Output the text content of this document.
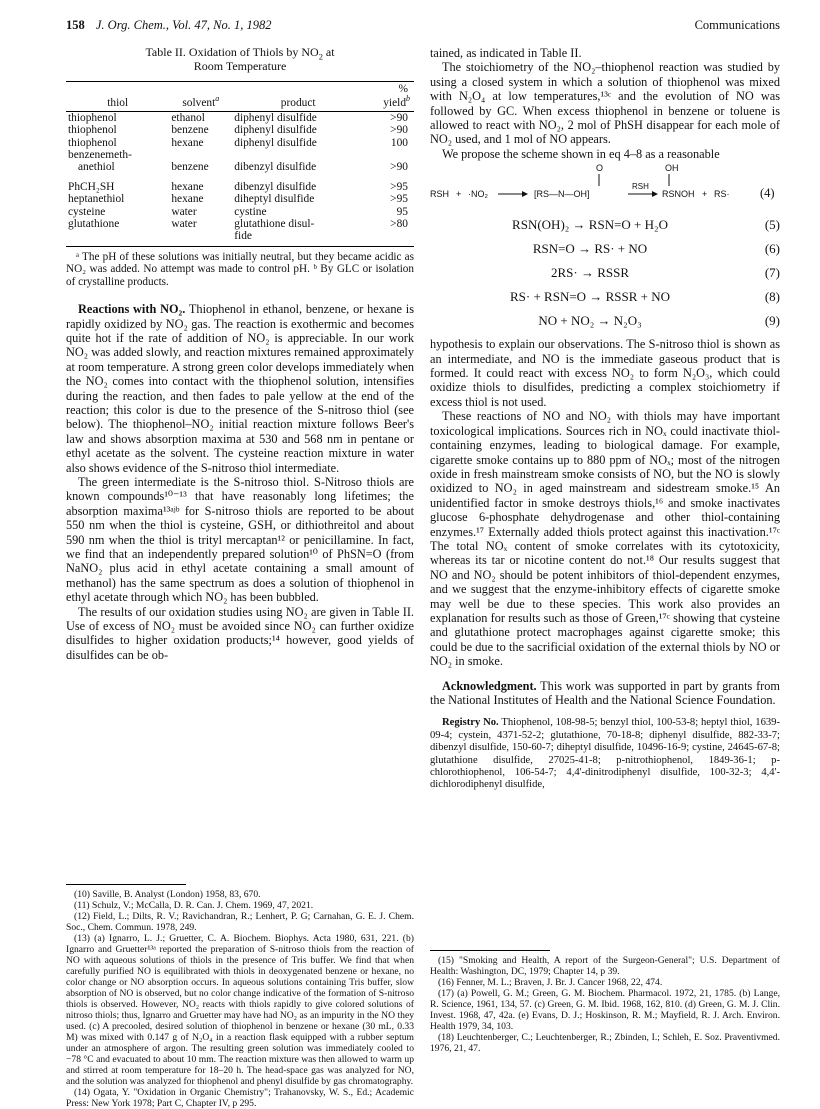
158 J. Org. Chem., Vol. 47, No. 1, 1982	Communications
Table II. Oxidation of Thiols by $NO_2$ at
Room Temperature
			%
thiol	solvent$^a$	product	yield$^b$
thiophenol	ethanol	diphenyl disulfide	>90
thiophenol	benzene	diphenyl disulfide	>90
thiophenol	hexane	diphenyl disulfide	100
benzenemeth-			
anethiol	benzene	dibenzyl disulfide	>90
PhCH₂SH	hexane	dibenzyl disulfide	>95
heptanethiol	hexane	diheptyl disulfide	>95
cysteine	water	cystine	95
glutathione	water	glutathione disul-	>80
		fide	

ᵃ The pH of these solutions was initially neutral, but they became acidic as NO₂ was added. No attempt was made to control pH. ᵇ By GLC or isolation of crystalline products.

Reactions with NO₂. Thiophenol in ethanol, benzene, or hexane is rapidly oxidized by NO₂ gas. The reaction is exothermic and becomes quite hot if the rate of addition of NO₂ is appreciable. In our work NO₂ was added slowly, and reaction mixtures remained approximately at room temperature. A strong green color develops immediately when the NO₂ comes into contact with the thiophenol solution, intensifies during the reaction, and then fades to pale yellow at the end of the reaction; this color is due to the presence of the S-nitroso thiol (see below). The thiophenol–NO₂ initial reaction mixture follows Beer's law and shows absorption maxima at 530 and 568 nm in pentane or ethyl acetate as the solvent. The cysteine reaction mixture in water also shows evidence of the S-nitroso thiol intermediate.

The green intermediate is the S-nitroso thiol. S-Nitroso thiols are known compounds¹⁰⁻¹³ that have reasonably long lifetimes; the absorption maxima¹³ᵃʲᵇ for S-nitroso thiols are reported to be about 550 nm when the thiol is cysteine, GSH, or dithiothreitol and about 590 nm when the thiol is trityl mercaptan¹² or penicillamine. In fact, we find that an independently prepared solution¹⁰ of PhSN=O (from NaNO₂ plus acid in ethyl acetate containing a small amount of methanol) has the same spectrum as does a solution of thiophenol in ethyl acetate through which NO₂ has been bubbled.

The results of our oxidation studies using NO₂ are given in Table II. Use of excess of NO₂ must be avoided since NO₂ can further oxidize disulfides to higher oxidation products;¹⁴ however, good yields of disulfides can be ob-

tained, as indicated in Table II.

The stoichiometry of the NO₂–thiophenol reaction was studied by using a closed system in which a solution of thiophenol was mixed with N₂O₄ at low temperatures,¹³ᶜ and the evolution of NO was followed by GC. When excess thiophenol in benzene or toluene is allowed to react with NO₂, 2 mol of PhSH disappear for each mole of NO₂ used, and 1 mol of NO appears.

We propose the scheme shown in eq 4–8 as a reasonable

O	OH
RSH + ·NO₂	[RS—N—OH]
RSH
RSNOH + RS· (4)
RSN(OH)₂ → RSN=O + H₂O	(5)
RSN=O → RS· + NO	(6)
2RS· → RSSR	(7)
RS· + RSN=O → RSSR + NO	(8)
NO + NO₂ → N₂O₃	(9)

hypothesis to explain our observations. The S-nitroso thiol is shown as an intermediate, and NO is the immediate gaseous product that is formed. It could react with excess NO₂ to form N₂O₃, which could oxidize thiols to disulfides, predicting a complex stoichiometry if excess thiol is not used.

These reactions of NO and NO₂ with thiols may have important toxicological implications. Sources rich in NOₓ could inactivate thiol-containing enzymes, leading to biological damage. For example, cigarette smoke contains up to 880 ppm of NOₓ; most of the nitrogen oxide in fresh mainstream smoke consists of NO, but the NO is slowly oxidized to NO₂ in aged mainstream and sidestream smoke.¹⁵ An unidentified factor in smoke destroys thiols,¹⁶ and smoke inactivates glucose 6-phosphate dehydrogenase and other thiol-containing enzymes.¹⁷ Externally added thiols protect against this inactivation.¹⁷ᶜ The total NOₓ content of smoke correlates with its cytotoxicity, whereas its tar or nicotine content do not.¹⁸ Our results suggest that NO and NO₂ should be potent inhibitors of thiol-dependent enzymes, and we suggest that the enzyme-inhibitory effects of cigarette smoke may well be due to these species. This work also provides an explanation for results such as those of Green,¹⁷ᶜ showing that cysteine and glutathione protect macrophages against cigarette smoke; this could be due to the sacrificial oxidation of the external thiols by NO or NO₂ in smoke.

Acknowledgment. This work was supported in part by grants from the National Institutes of Health and the National Science Foundation.

Registry No. Thiophenol, 108-98-5; benzyl thiol, 100-53-8; heptyl thiol, 1639-09-4; cystein, 4371-52-2; glutathione, 70-18-8; diphenyl disulfide, 882-33-7; dibenzyl disulfide, 150-60-7; diheptyl disulfide, 10496-16-9; cystine, 24645-67-8; glutathione disulfide, 27025-41-8; p-nitrothiophenol, 1849-36-1; p-chlorothiophenol, 106-54-7; 4,4'-dinitrodiphenyl disulfide, 100-32-3; 4,4'-dichlorodiphenyl disulfide,

(10) Saville, B. Analyst (London) 1958, 83, 670.

(11) Schulz, V.; McCalla, D. R. Can. J. Chem. 1969, 47, 2021.

(12) Field, L.; Dilts, R. V.; Ravichandran, R.; Lenhert, P. G; Carnahan, G. E. J. Chem. Soc., Chem. Commun. 1978, 249.

(13) (a) Ignarro, L. J.; Gruetter, C. A. Biochem. Biophys. Acta 1980, 631, 221. (b) Ignarro and Gruetter¹³ᵃ reported the preparation of S-nitroso thiols from the reaction of NO with aqueous solutions of thiols in the presence of Tris buffer. We find that when carefully purified NO is equilibrated with thiols in deoxygenated benzene or hexane, no color change or NO absorption occurs. In aqueous solutions containing Tris buffer, slow absorption of NO is observed, but no color change indicative of the formation of S-nitroso thiols is observed. However, NO₂ reacts with thiols rapidly to give colored solutions of nitroso thiols; thus, Ignarro and Gruetter may have had NO₂ as an impurity in the NO they used. (c) A precooled, desired solution of thiophenol in benzene or hexane (30 mL, 0.33 M) was mixed with 0.147 g of N₂O₄ in a reaction flask equipped with a rubber septum under an atmosphere of argon. The resulting green solution was immediately cooled to −78 °C and evacuated to about 10 mm. The reaction mixture was then allowed to warm up and stirred at room temperature for 18–20 h. The head-space gas was analyzed for NO, and the solution was analyzed for thiophenol and phenyl disulfide by gas chromatography.

(14) Ogata, Y. "Oxidation in Organic Chemistry"; Trahanovsky, W. S., Ed.; Academic Press: New York 1978; Part C, Chapter IV, p 295.

(15) "Smoking and Health, A report of the Surgeon-General"; U.S. Department of Health: Washington, DC, 1979; Chapter 14, p 39.

(16) Fenner, M. L.; Braven, J. Br. J. Cancer 1968, 22, 474.

(17) (a) Powell, G. M.; Green, G. M. Biochem. Pharmacol. 1972, 21, 1785. (b) Lange, R. Science, 1961, 134, 57. (c) Green, G. M. Ibid. 1968, 162, 810. (d) Green, G. M. J. Clin. Invest. 1968, 47, 42a. (e) Evans, D. J.; Hoskinson, R. M.; Mayfield, R. J. Arch. Environ. Health 1979, 34, 103.

(18) Leuchtenberger, C.; Leuchtenberger, R.; Zbinden, I.; Schleh, E. Soz. Praventivmed. 1976, 21, 47.
